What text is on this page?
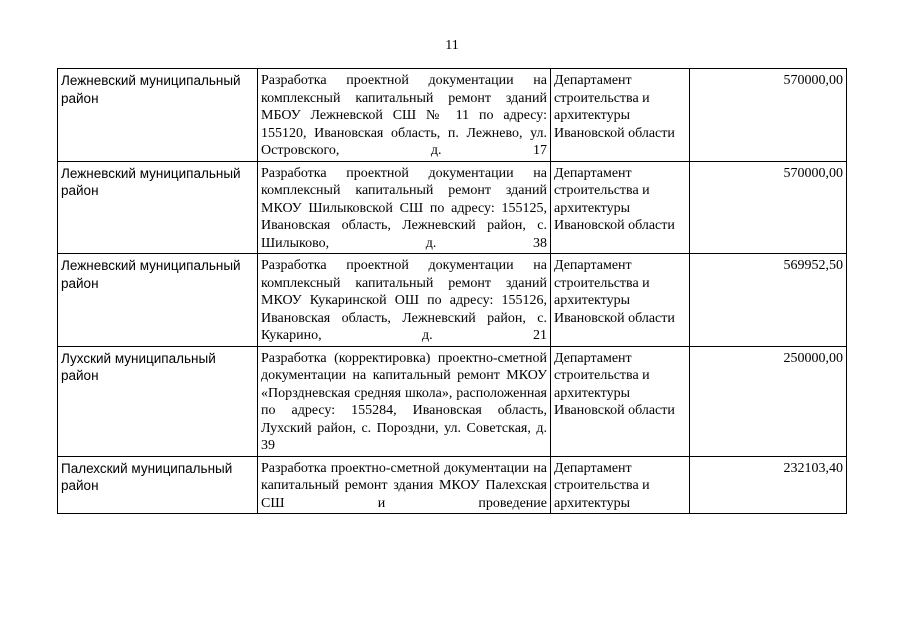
11
Лежневский муниципальный район	Разработка проектной документации на комплексный капитальный ремонт зданий МБОУ Лежневской СШ № 11 по адресу: 155120, Ивановская область, п. Лежнево, ул. Островского, д. 17	Департамент строительства и архитектуры Ивановской области	570000,00
Лежневский муниципальный район	Разработка проектной документации на комплексный капитальный ремонт зданий МКОУ Шилыковской СШ по адресу: 155125, Ивановская область, Лежневский район, с. Шилыково, д. 38	Департамент строительства и архитектуры Ивановской области	570000,00
Лежневский муниципальный район	Разработка проектной документации на комплексный капитальный ремонт зданий МКОУ Кукаринской ОШ по адресу: 155126, Ивановская область, Лежневский район, с. Кукарино, д. 21	Департамент строительства и архитектуры Ивановской области	569952,50
Лухский муниципальный район	Разработка (корректировка) проектно-сметной документации на капитальный ремонт МКОУ «Порздневская средняя школа», расположенная по адресу: 155284, Ивановская область, Лухский район, с. Пороздни, ул. Советская, д. 39	Департамент строительства и архитектуры Ивановской области	250000,00
Палехский муниципальный район	Разработка проектно-сметной документации на капитальный ремонт здания МКОУ Палехская СШ и проведение	Департамент строительства и архитектуры	232103,40
